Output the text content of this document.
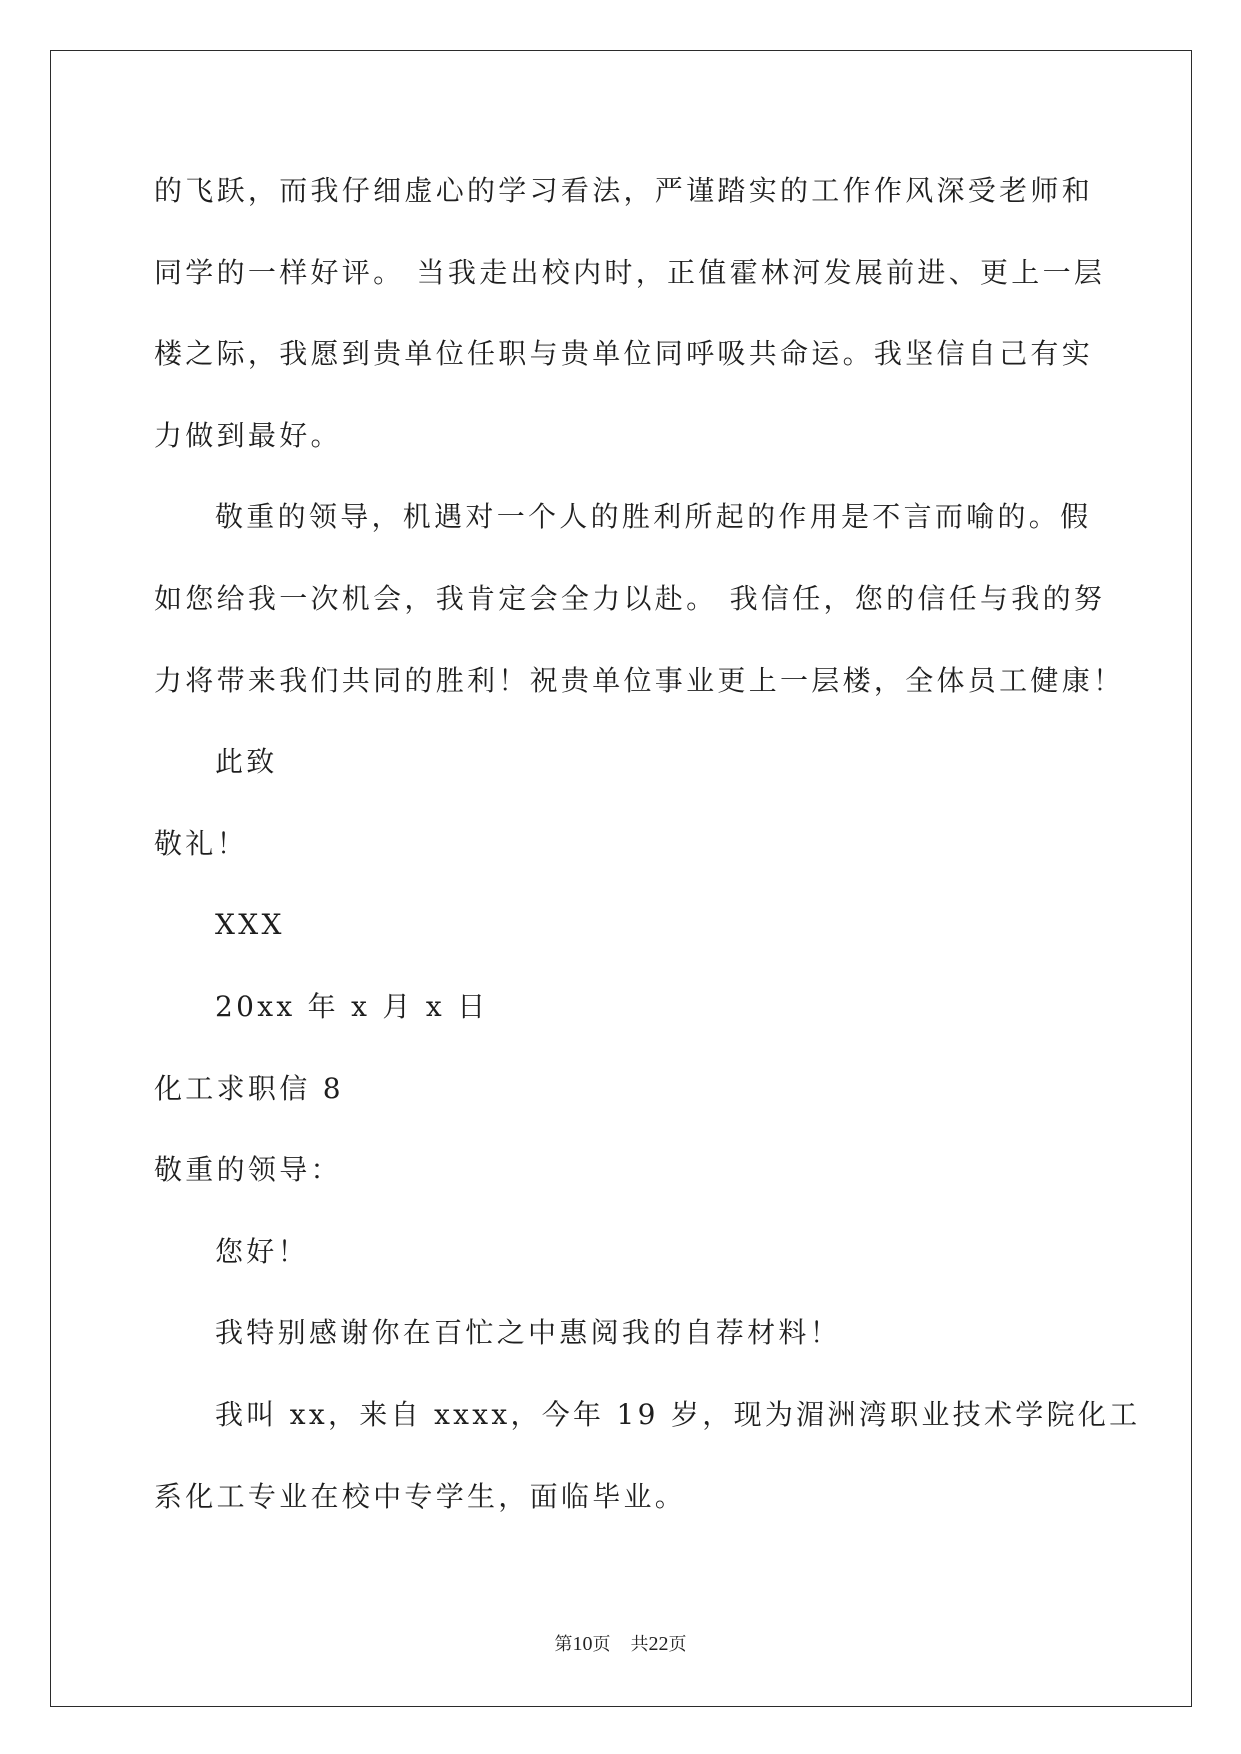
的飞跃，而我仔细虚心的学习看法，严谨踏实的工作作风深受老师和
同学的一样好评。 当我走出校内时，正值霍林河发展前进、更上一层
楼之际，我愿到贵单位任职与贵单位同呼吸共命运。我坚信自己有实
力做到最好。
敬重的领导，机遇对一个人的胜利所起的作用是不言而喻的。假
如您给我一次机会，我肯定会全力以赴。 我信任，您的信任与我的努
力将带来我们共同的胜利！祝贵单位事业更上一层楼，全体员工健康！
此致
敬礼！
XXX
20xx 年 x 月 x 日
化工求职信 8
敬重的领导：
您好！
我特别感谢你在百忙之中惠阅我的自荐材料！
我叫 xx，来自 xxxx，今年 19 岁，现为湄洲湾职业技术学院化工
系化工专业在校中专学生，面临毕业。
第10页 共22页
